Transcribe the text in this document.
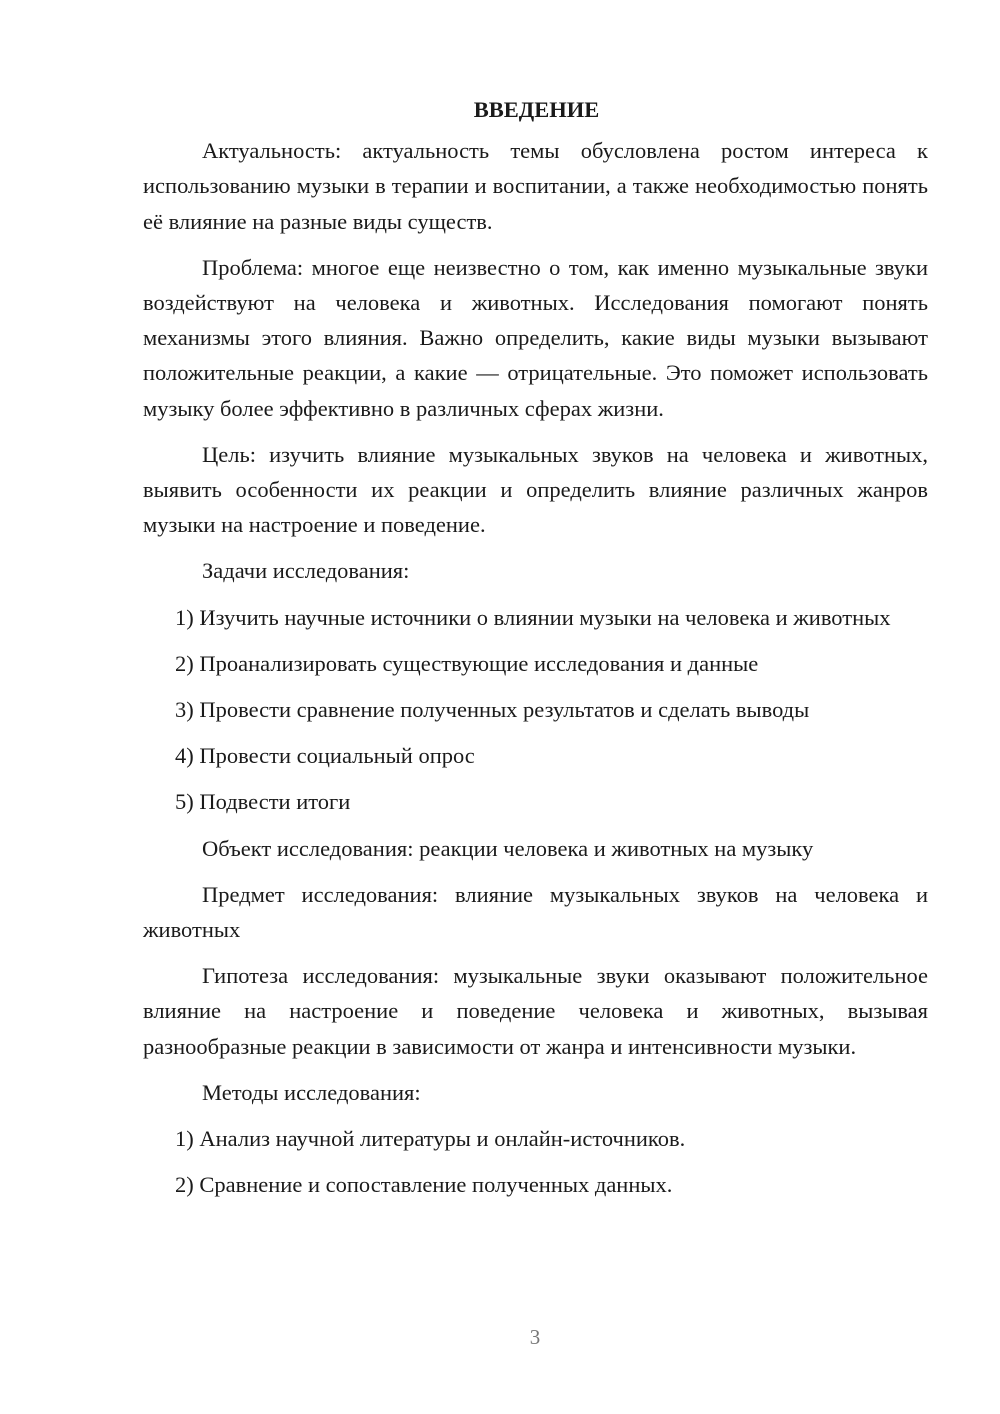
ВВЕДЕНИЕ
Актуальность: актуальность темы обусловлена ростом интереса к использованию музыки в терапии и воспитании, а также необходимостью понять её влияние на разные виды существ.
Проблема: многое еще неизвестно о том, как именно музыкальные звуки воздействуют на человека и животных. Исследования помогают понять механизмы этого влияния. Важно определить, какие виды музыки вызывают положительные реакции, а какие — отрицательные. Это поможет использовать музыку более эффективно в различных сферах жизни.
Цель: изучить влияние музыкальных звуков на человека и животных, выявить особенности их реакции и определить влияние различных жанров музыки на настроение и поведение.
Задачи исследования:
1) Изучить научные источники о влиянии музыки на человека и животных
2) Проанализировать существующие исследования и данные
3) Провести сравнение полученных результатов и сделать выводы
4) Провести социальный опрос
5) Подвести итоги
Объект исследования: реакции человека и животных на музыку
Предмет исследования: влияние музыкальных звуков на человека и животных
Гипотеза исследования: музыкальные звуки оказывают положительное влияние на настроение и поведение человека и животных, вызывая разнообразные реакции в зависимости от жанра и интенсивности музыки.
Методы исследования:
1) Анализ научной литературы и онлайн-источников.
2) Сравнение и сопоставление полученных данных.
3
